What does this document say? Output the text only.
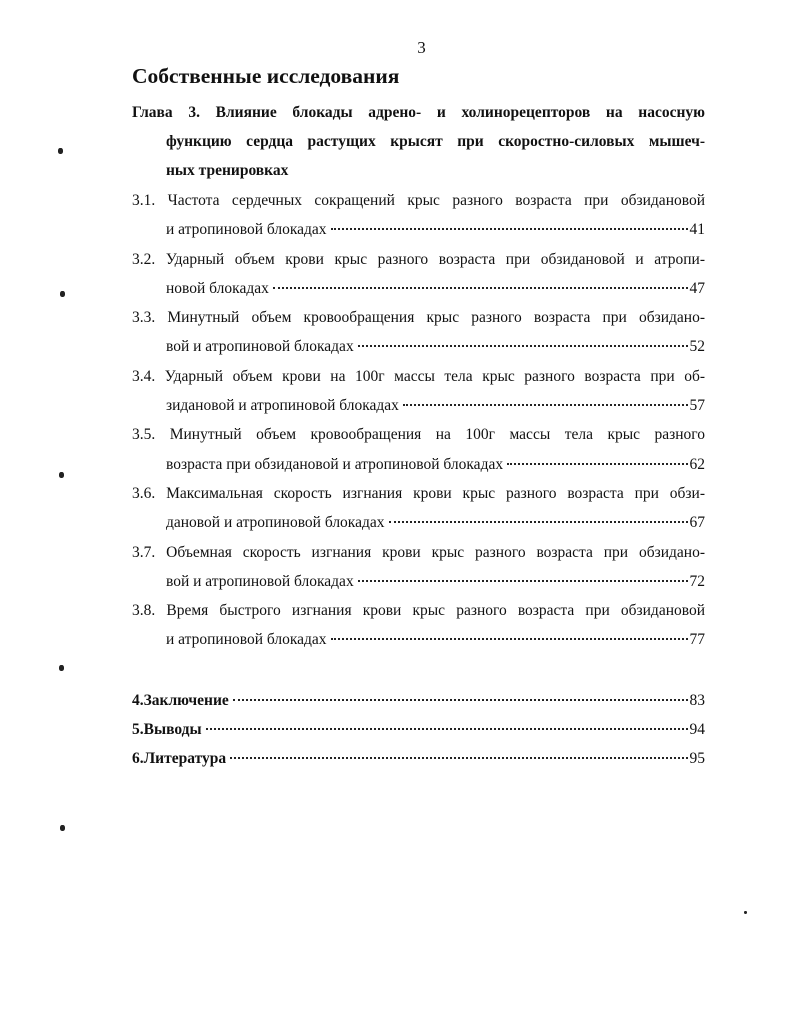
3
Собственные исследования
Глава 3. Влияние блокады адрено- и холинорецепторов на насосную
функцию сердца растущих крысят при скоростно-силовых мышеч-
ных тренировках
3.1. Частота сердечных сокращений крыс разного возраста при обзидановой
и атропиновой блокадах	41
3.2. Ударный объем крови крыс разного возраста при обзидановой и атропи-
новой блокадах	47
3.3. Минутный объем кровообращения крыс разного возраста при обзидано-
вой и атропиновой блокадах	52
3.4. Ударный объем крови на 100г массы тела крыс разного возраста при об-
зидановой и атропиновой блокадах	57
3.5. Минутный объем кровообращения на 100г массы тела крыс разного
возраста при обзидановой и атропиновой блокадах	62
3.6. Максимальная скорость изгнания крови крыс разного возраста при обзи-
дановой и атропиновой блокадах	67
3.7. Объемная скорость изгнания крови крыс разного возраста при обзидано-
вой и атропиновой блокадах	72
3.8. Время быстрого изгнания крови крыс разного возраста при обзидановой
и атропиновой блокадах	77
4.Заключение	83
5.Выводы	94
6.Литература	95
